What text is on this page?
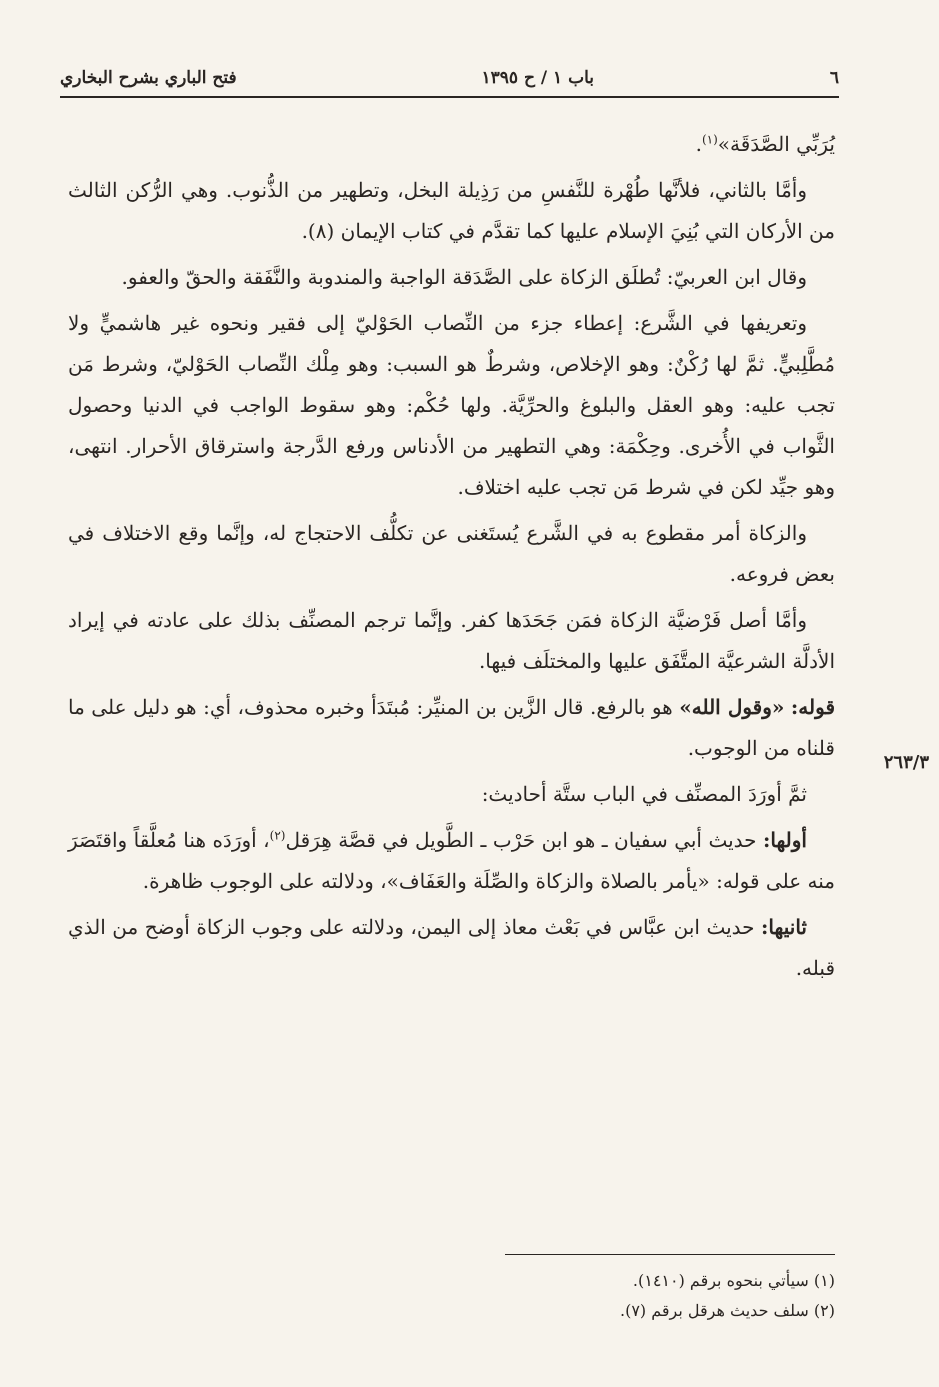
٦
باب ١ / ح ١٣٩٥
فتح الباري بشرح البخاري
٢٦٣/٣

يُرَبِّي الصَّدَقَة»$^{(١)}$.

وأمَّا بالثاني، فلأنَّها طُهْرة للنَّفسِ من رَذِيلة البخل، وتطهير من الذُّنوب. وهي الرُّكن الثالث من الأركان التي بُنِيَ الإسلام عليها كما تقدَّم في كتاب الإيمان (٨).

وقال ابن العربيّ: تُطلَق الزكاة على الصَّدَقة الواجبة والمندوبة والنَّفَقة والحقّ والعفو.

وتعريفها في الشَّرع: إعطاء جزء من النِّصاب الحَوْليّ إلى فقير ونحوه غير هاشميٍّ ولا مُطَّلِبيٍّ. ثمَّ لها رُكْنٌ: وهو الإخلاص، وشرطٌ هو السبب: وهو مِلْك النِّصاب الحَوْليّ، وشرط مَن تجب عليه: وهو العقل والبلوغ والحرِّيَّة. ولها حُكْم: وهو سقوط الواجب في الدنيا وحصول الثَّواب في الأُخرى. وحِكْمَة: وهي التطهير من الأدناس ورفع الدَّرجة واسترقاق الأحرار. انتهى، وهو جيِّد لكن في شرط مَن تجب عليه اختلاف.

والزكاة أمر مقطوع به في الشَّرع يُستَغنى عن تكلُّف الاحتجاج له، وإنَّما وقع الاختلاف في بعض فروعه.

وأمَّا أصل فَرْضيَّة الزكاة فمَن جَحَدَها كفر. وإنَّما ترجم المصنِّف بذلك على عادته في إيراد الأدلَّة الشرعيَّة المتَّفَق عليها والمختلَف فيها.

قوله: «وقول الله» هو بالرفع. قال الزَّين بن المنيِّر: مُبتَدَأ وخبره محذوف، أي: هو دليل على ما قلناه من الوجوب.

ثمَّ أورَدَ المصنِّف في الباب ستَّة أحاديث:

أولها: حديث أبي سفيان ـ هو ابن حَرْب ـ الطَّويل في قصَّة هِرَقل$^{(٢)}$، أورَدَه هنا مُعلَّقاً واقتَصَرَ منه على قوله: «يأمر بالصلاة والزكاة والصِّلَة والعَفَاف»، ودلالته على الوجوب ظاهرة.

ثانيها: حديث ابن عبَّاس في بَعْث معاذ إلى اليمن، ودلالته على وجوب الزكاة أوضح من الذي قبله.

(١) سيأتي بنحوه برقم (١٤١٠).
(٢) سلف حديث هرقل برقم (٧).
